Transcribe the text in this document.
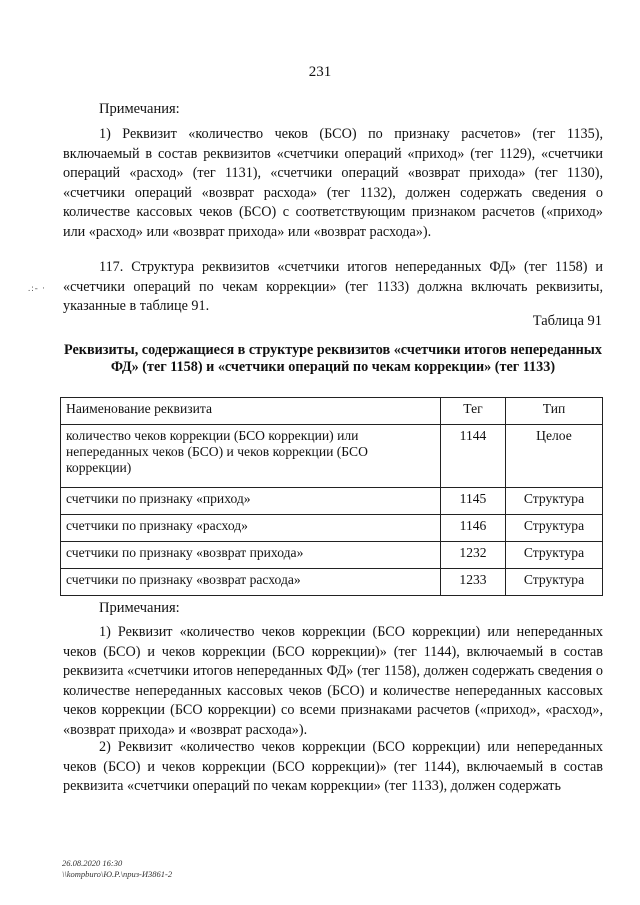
231
Примечания:

1) Реквизит «количество чеков (БСО) по признаку расчетов» (тег 1135), включаемый в состав реквизитов «счетчики операций «приход» (тег 1129), «счетчики операций «расход» (тег 1131), «счетчики операций «возврат прихода» (тег 1130), «счетчики операций «возврат расхода» (тег 1132), должен содержать сведения о количестве кассовых чеков (БСО) с соответствующим признаком расчетов («приход» или «расход» или «возврат прихода» или «возврат расхода»).

.:- ·

117. Структура реквизитов «счетчики итогов непереданных ФД» (тег 1158) и «счетчики операций по чекам коррекции» (тег 1133) должна включать реквизиты, указанные в таблице 91.

Таблица 91
Реквизиты, содержащиеся в структуре реквизитов «счетчики итогов непереданных ФД» (тег 1158) и «счетчики операций по чекам коррекции» (тег 1133)
Наименование реквизита	Тег	Тип
количество чеков коррекции (БСО коррекции) или непереданных чеков (БСО) и чеков коррекции (БСО коррекции)	1144	Целое
счетчики по признаку «приход»	1145	Структура
счетчики по признаку «расход»	1146	Структура
счетчики по признаку «возврат прихода»	1232	Структура
счетчики по признаку «возврат расхода»	1233	Структура
Примечания:

1) Реквизит «количество чеков коррекции (БСО коррекции) или непереданных чеков (БСО) и чеков коррекции (БСО коррекции)» (тег 1144), включаемый в состав реквизита «счетчики итогов непереданных ФД» (тег 1158), должен содержать сведения о количестве непереданных кассовых чеков (БСО) и количестве непереданных кассовых чеков коррекции (БСО коррекции) со всеми признаками расчетов («приход», «расход», «возврат прихода» и «возврат расхода»).

2) Реквизит «количество чеков коррекции (БСО коррекции) или непереданных чеков (БСО) и чеков коррекции (БСО коррекции)» (тег 1144), включаемый в состав реквизита «счетчики операций по чекам коррекции» (тег 1133), должен содержать

26.08.2020 16:30
\\kompburo\Ю.Р.\приз-И3861-2
